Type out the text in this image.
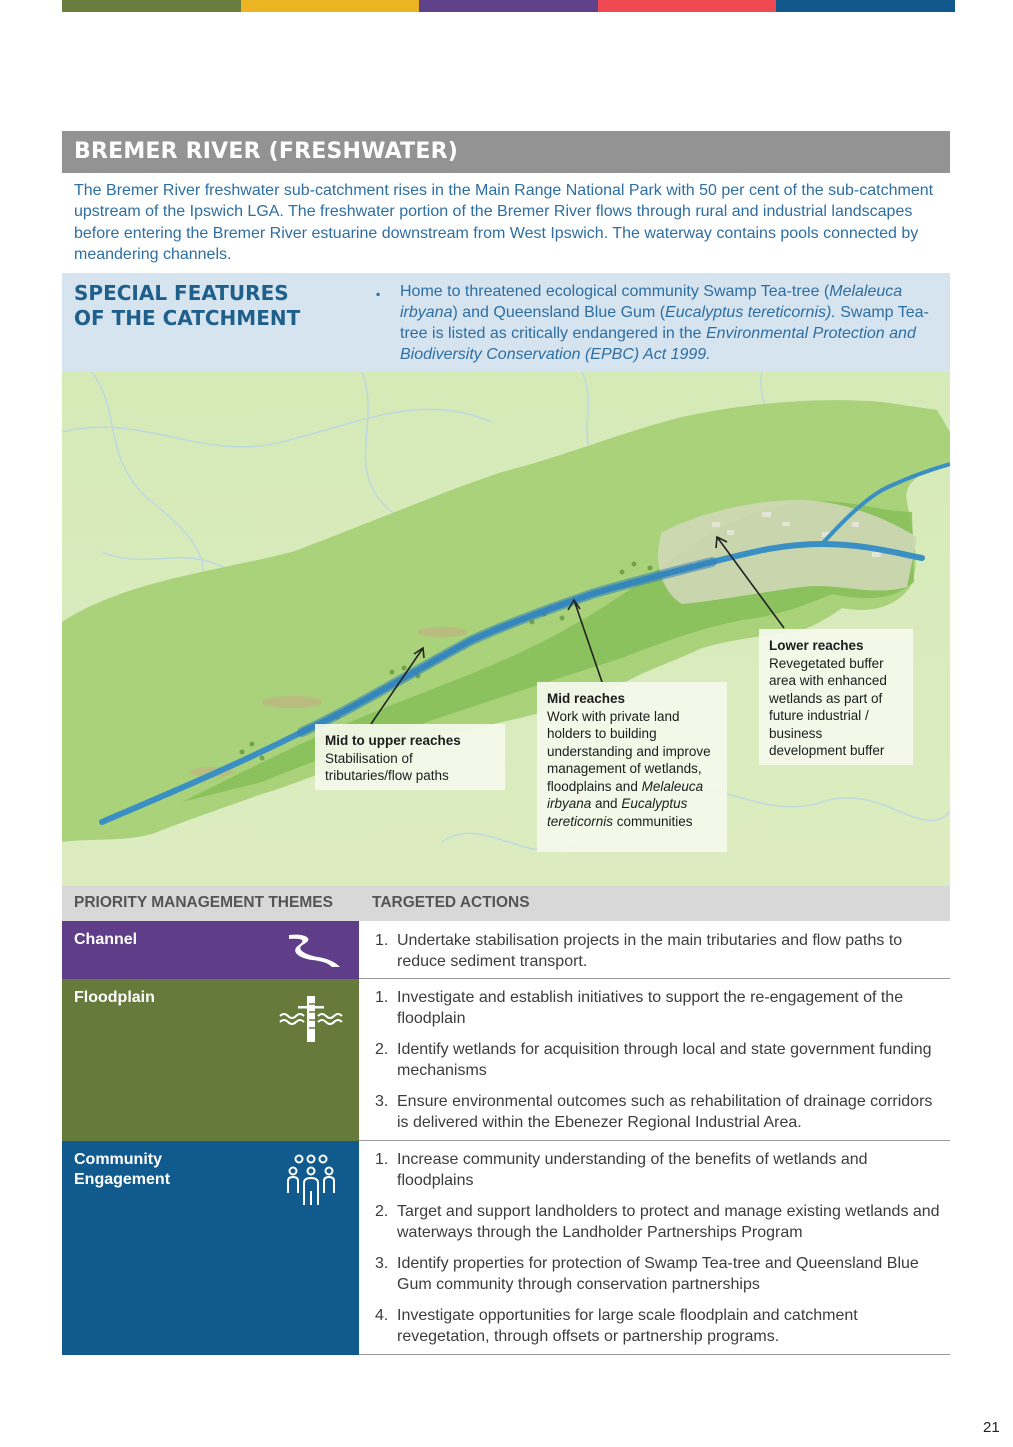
BREMER RIVER (FRESHWATER)

The Bremer River freshwater sub-catchment rises in the Main Range National Park with 50 per cent of the sub-catchment upstream of the Ipswich LGA. The freshwater portion of the Bremer River flows through rural and industrial landscapes before entering the Bremer River estuarine downstream from West Ipswich. The waterway contains pools connected by meandering channels.

SPECIAL FEATURES
OF THE CATCHMENT
▪ Home to threatened ecological community Swamp Tea-tree (Melaleuca irbyana) and Queensland Blue Gum (Eucalyptus tereticornis). Swamp Tea-tree is listed as critically endangered in the Environmental Protection and Biodiversity Conservation (EPBC) Act 1999.
Mid to upper reaches
Stabilisation of tributaries/flow paths
Mid reaches
Work with private land holders to building understanding and improve management of wetlands, floodplains and Melaleuca irbyana and Eucalyptus tereticornis communities
Lower reaches
Revegetated buffer area with enhanced wetlands as part of future industrial / business development buffer
PRIORITY MANAGEMENT THEMES	TARGETED ACTIONS
Channel	1. Undertake stabilisation projects in the main tributaries and flow paths to reduce sediment transport.
Floodplain	1. Investigate and establish initiatives to support the re-engagement of the floodplain
2. Identify wetlands for acquisition through local and state government funding mechanisms
3. Ensure environmental outcomes such as rehabilitation of drainage corridors is delivered within the Ebenezer Regional Industrial Area.
Community Engagement
1. Increase community understanding of the benefits of wetlands and floodplains
2. Target and support landholders to protect and manage existing wetlands and waterways through the Landholder Partnerships Program
3. Identify properties for protection of Swamp Tea-tree and Queensland Blue Gum community through conservation partnerships
4. Investigate opportunities for large scale floodplain and catchment revegetation, through offsets or partnership programs.
21
